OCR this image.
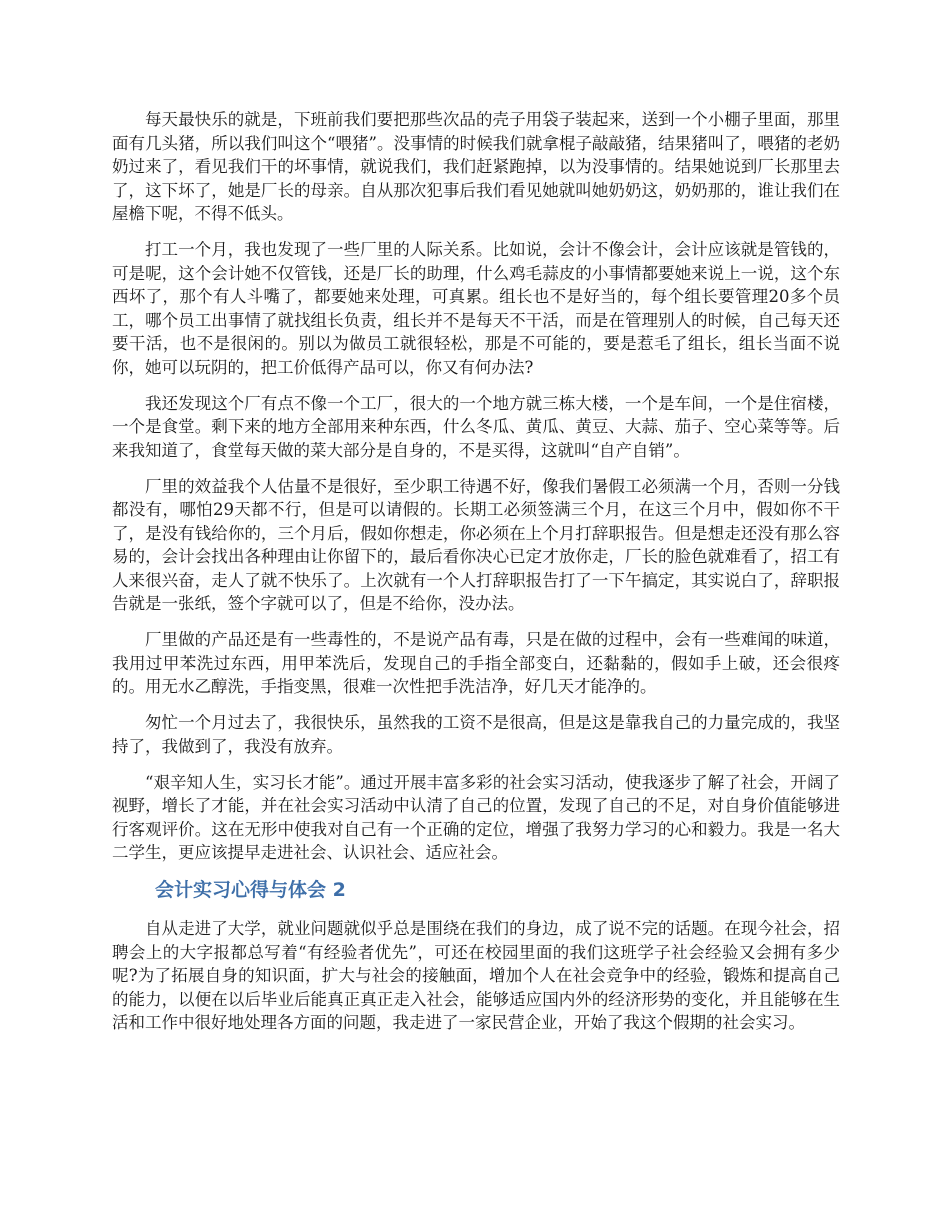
每天最快乐的就是，下班前我们要把那些次品的壳子用袋子装起来，送到一个小棚子里面，那里面有几头猪，所以我们叫这个“喂猪”。没事情的时候我们就拿棍子敲敲猪，结果猪叫了，喂猪的老奶奶过来了，看见我们干的坏事情，就说我们，我们赶紧跑掉，以为没事情的。结果她说到厂长那里去了，这下坏了，她是厂长的母亲。自从那次犯事后我们看见她就叫她奶奶这，奶奶那的，谁让我们在屋檐下呢，不得不低头。

打工一个月，我也发现了一些厂里的人际关系。比如说，会计不像会计，会计应该就是管钱的，可是呢，这个会计她不仅管钱，还是厂长的助理，什么鸡毛蒜皮的小事情都要她来说上一说，这个东西坏了，那个有人斗嘴了，都要她来处理，可真累。组长也不是好当的，每个组长要管理20多个员工，哪个员工出事情了就找组长负责，组长并不是每天不干活，而是在管理别人的时候，自己每天还要干活，也不是很闲的。别以为做员工就很轻松，那是不可能的，要是惹毛了组长，组长当面不说你，她可以玩阴的，把工价低得产品可以，你又有何办法?

我还发现这个厂有点不像一个工厂，很大的一个地方就三栋大楼，一个是车间，一个是住宿楼，一个是食堂。剩下来的地方全部用来种东西，什么冬瓜、黄瓜、黄豆、大蒜、茄子、空心菜等等。后来我知道了，食堂每天做的菜大部分是自身的，不是买得，这就叫“自产自销”。

厂里的效益我个人估量不是很好，至少职工待遇不好，像我们暑假工必须满一个月，否则一分钱都没有，哪怕29天都不行，但是可以请假的。长期工必须签满三个月，在这三个月中，假如你不干了，是没有钱给你的，三个月后，假如你想走，你必须在上个月打辞职报告。但是想走还没有那么容易的，会计会找出各种理由让你留下的，最后看你决心已定才放你走，厂长的脸色就难看了，招工有人来很兴奋，走人了就不快乐了。上次就有一个人打辞职报告打了一下午搞定，其实说白了，辞职报告就是一张纸，签个字就可以了，但是不给你，没办法。

厂里做的产品还是有一些毒性的，不是说产品有毒，只是在做的过程中，会有一些难闻的味道，我用过甲苯洗过东西，用甲苯洗后，发现自己的手指全部变白，还黏黏的，假如手上破，还会很疼的。用无水乙醇洗，手指变黑，很难一次性把手洗洁净，好几天才能净的。

匆忙一个月过去了，我很快乐，虽然我的工资不是很高，但是这是靠我自己的力量完成的，我坚持了，我做到了，我没有放弃。

“艰辛知人生，实习长才能”。通过开展丰富多彩的社会实习活动，使我逐步了解了社会，开阔了视野，增长了才能，并在社会实习活动中认清了自己的位置，发现了自己的不足，对自身价值能够进行客观评价。这在无形中使我对自己有一个正确的定位，增强了我努力学习的心和毅力。我是一名大二学生，更应该提早走进社会、认识社会、适应社会。

会计实习心得与体会 2

自从走进了大学，就业问题就似乎总是围绕在我们的身边，成了说不完的话题。在现今社会，招聘会上的大字报都总写着“有经验者优先”，可还在校园里面的我们这班学子社会经验又会拥有多少呢?为了拓展自身的知识面，扩大与社会的接触面，增加个人在社会竞争中的经验，锻炼和提高自己的能力，以便在以后毕业后能真正真正走入社会，能够适应国内外的经济形势的变化，并且能够在生活和工作中很好地处理各方面的问题，我走进了一家民营企业，开始了我这个假期的社会实习。
